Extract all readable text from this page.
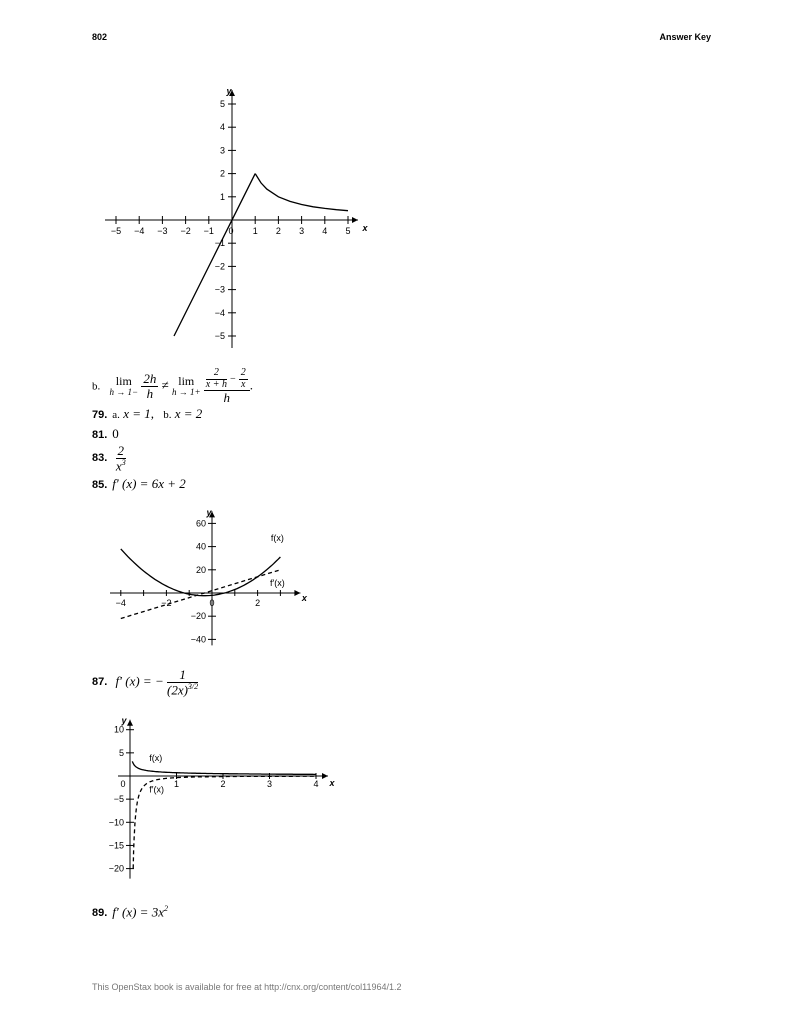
802	Answer Key
x
y
−5 −4 −3 −2 −1 0 1 2 3 4 5
5
4
3
2
1
−1
−2
−3
−4
−5
b.	lim
h → 1−
$\frac{2h}{h} \ne \lim$
h → 1+
$\frac{\frac{2}{x + h} - \frac{2}{x}}{h}$ .
79. a. x = 1, b. x = 2
81. 0
83. $\frac{2}{x^3}$
85. f′ (x) = 6x + 2
x
y
−4	−2	0	2
60
40
20
−20
−40
f(x)
f′(x)
87. f′ (x) = − $\frac{1}{(2x)^{3/2}}$
x
y
0	1	2	3	4
10
5
−5
−10
−15
−20
f(x)
f′(x)
89. f′ $(x) = 3x^2$
This OpenStax book is available for free at http://cnx.org/content/col11964/1.2
